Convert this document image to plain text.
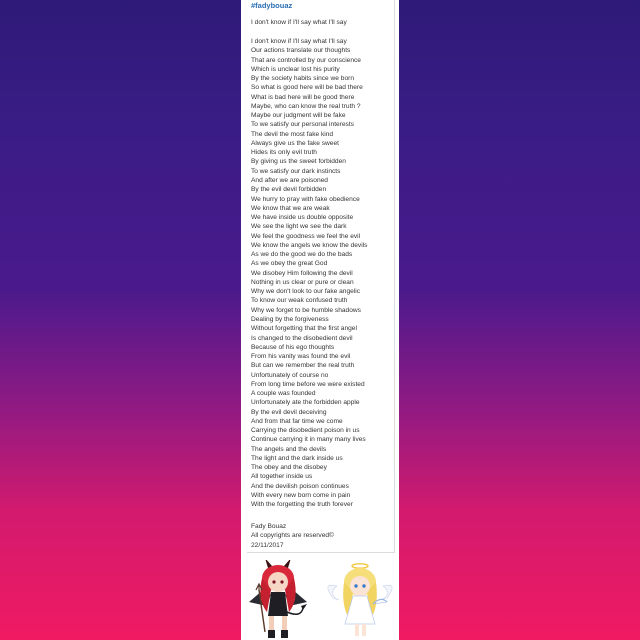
#fadybouaz
I don't know if I'll say what I'll say
I don't know if I'll say what I'll say
Our actions translate our thoughts
That are controlled by our conscience
Which is unclear lost his purity
By the society habits since we born
So what is good here will be bad there
What is bad here will be good there
Maybe, who can know the real truth ?
Maybe our judgment will be fake
To we satisfy our personal interests
The devil the most fake kind
Always give us the fake sweet
Hides its only evil truth
By giving us the sweet forbidden
To we satisfy our dark instincts
And after we are poisoned
By the evil devil forbidden
We hurry to pray with fake obedience
We know that we are weak
We have inside us double opposite
We see the light we see the dark
We feel the goodness we feel the evil
We know the angels we know the devils
As we do the good we do the bads
As we obey the great God
We disobey Him following the devil
Nothing in us clear or pure or clean
Why we don't look to our fake angelic
To know our weak confused truth
Why we forget to be humble shadows
Dealing by the forgiveness
Without forgetting that the first angel
Is changed to the disobedient devil
Because of his ego thoughts
From his vanity was found the evil
But can we remember the real truth
Unfortunately of course no
From long time before we were existed
A couple was founded
Unfortunately ate the forbidden apple
By the evil devil deceiving
And from that far time we come
Carrying the disobedient poison in us
Continue carrying it in many many lives
The angels and the devils
The light and the dark inside us
The obey and the disobey
All together inside us
And the devilish poison continues
With every new born come in pain
With the forgetting the truth forever
Fady Bouaz
All copyrights are reserved©
22/11/2017
